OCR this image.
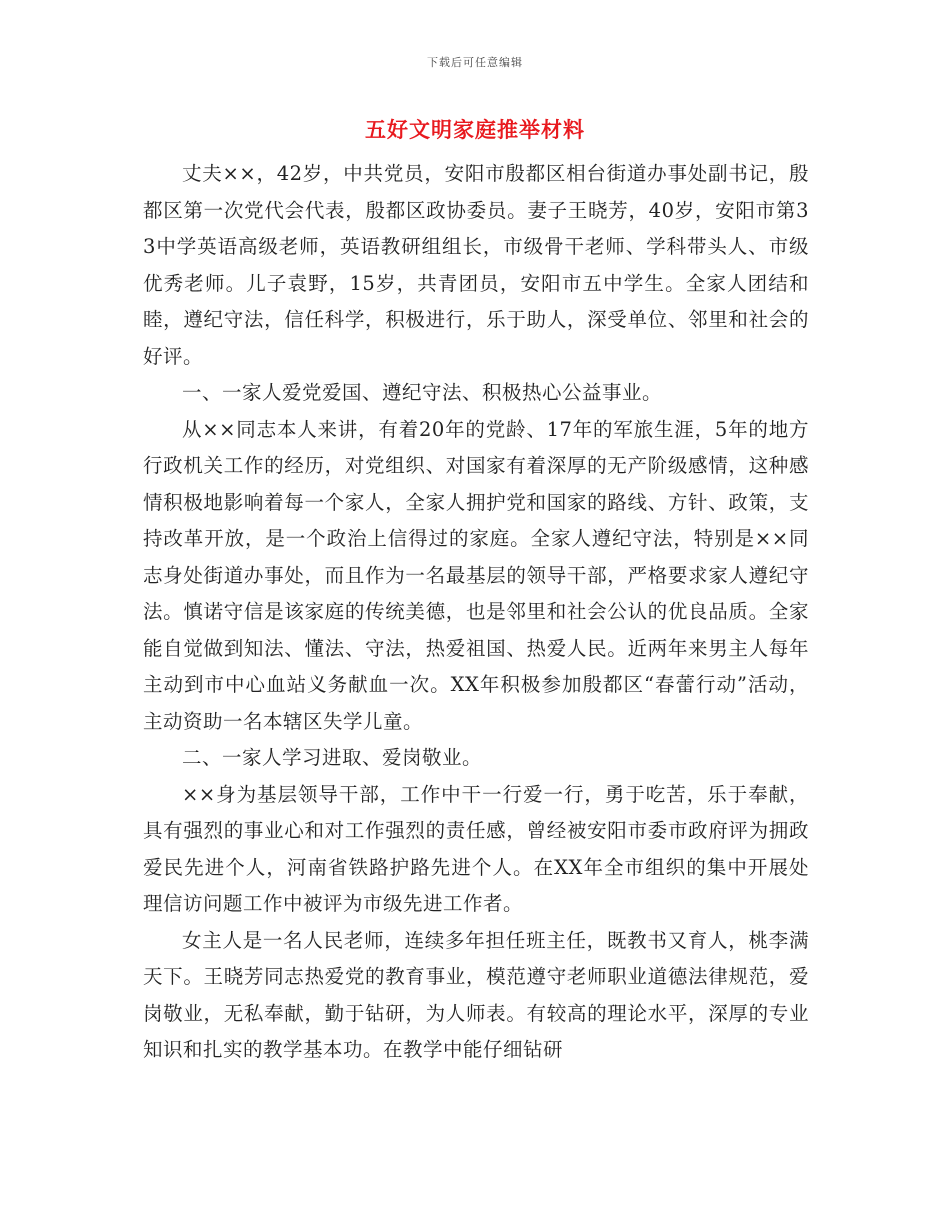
下载后可任意编辑
五好文明家庭推举材料

丈夫××，42岁，中共党员，安阳市殷都区相台街道办事处副书记，殷都区第一次党代会代表，殷都区政协委员。妻子王晓芳，40岁，安阳市第33中学英语高级老师，英语教研组组长，市级骨干老师、学科带头人、市级优秀老师。儿子袁野，15岁，共青团员，安阳市五中学生。全家人团结和睦，遵纪守法，信任科学，积极进行，乐于助人，深受单位、邻里和社会的好评。

一、一家人爱党爱国、遵纪守法、积极热心公益事业。

从××同志本人来讲，有着20年的党龄、17年的军旅生涯，5年的地方行政机关工作的经历，对党组织、对国家有着深厚的无产阶级感情，这种感情积极地影响着每一个家人，全家人拥护党和国家的路线、方针、政策，支持改革开放，是一个政治上信得过的家庭。全家人遵纪守法，特别是××同志身处街道办事处，而且作为一名最基层的领导干部，严格要求家人遵纪守法。慎诺守信是该家庭的传统美德，也是邻里和社会公认的优良品质。全家能自觉做到知法、懂法、守法，热爱祖国、热爱人民。近两年来男主人每年主动到市中心血站义务献血一次。XX年积极参加殷都区“春蕾行动”活动，主动资助一名本辖区失学儿童。

二、一家人学习进取、爱岗敬业。

××身为基层领导干部，工作中干一行爱一行，勇于吃苦，乐于奉献，具有强烈的事业心和对工作强烈的责任感，曾经被安阳市委市政府评为拥政爱民先进个人，河南省铁路护路先进个人。在XX年全市组织的集中开展处理信访问题工作中被评为市级先进工作者。

女主人是一名人民老师，连续多年担任班主任，既教书又育人，桃李满天下。王晓芳同志热爱党的教育事业，模范遵守老师职业道德法律规范，爱岗敬业，无私奉献，勤于钻研，为人师表。有较高的理论水平，深厚的专业知识和扎实的教学基本功。在教学中能仔细钻研
